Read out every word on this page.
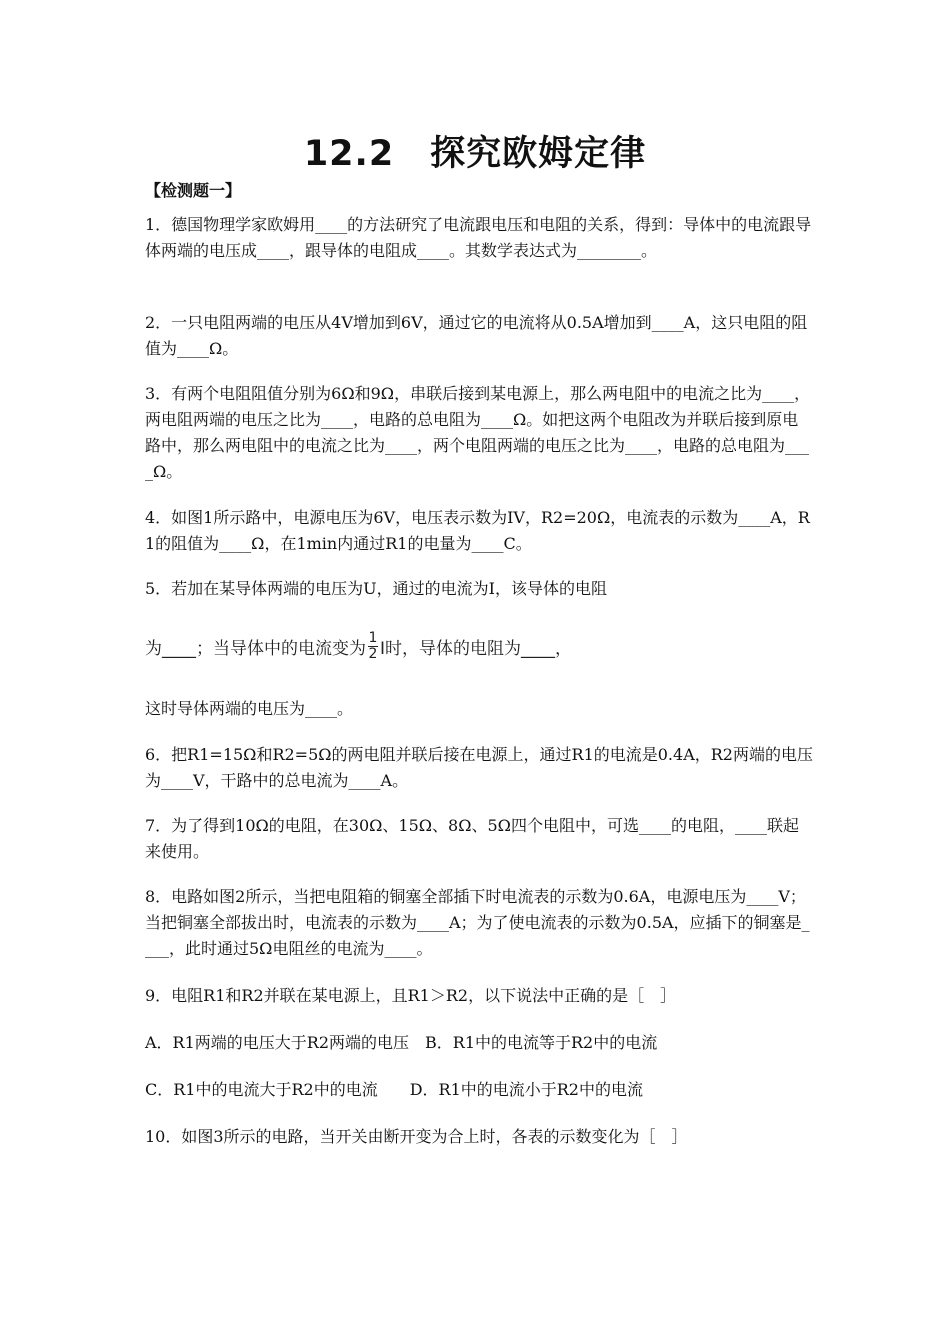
12.2　探究欧姆定律

【检测题一】

1．德国物理学家欧姆用____的方法研究了电流跟电压和电阻的关系，得到：导体中的电流跟导体两端的电压成____，跟导体的电阻成____。其数学表达式为________。

2．一只电阻两端的电压从4V增加到6V，通过它的电流将从0.5A增加到____A，这只电阻的阻值为____Ω。

3．有两个电阻阻值分别为6Ω和9Ω，串联后接到某电源上，那么两电阻中的电流之比为____，两电阻两端的电压之比为____，电路的总电阻为____Ω。如把这两个电阻改为并联后接到原电路中，那么两电阻中的电流之比为____，两个电阻两端的电压之比为____，电路的总电阻为____Ω。

4．如图1所示路中，电源电压为6V，电压表示数为IV，R2=20Ω，电流表的示数为____A，R1的阻值为____Ω，在1min内通过R1的电量为____C。

5．若加在某导体两端的电压为U，通过的电流为I，该导体的电阻

为____；当导体中的电流变为 $\frac{1}{2}$ I时，导体的电阻为____，

这时导体两端的电压为____。

6．把R1=15Ω和R2=5Ω的两电阻并联后接在电源上，通过R1的电流是0.4A，R2两端的电压为____V，干路中的总电流为____A。

7．为了得到10Ω的电阻，在30Ω、15Ω、8Ω、5Ω四个电阻中，可选____的电阻，____联起来使用。

8．电路如图2所示，当把电阻箱的铜塞全部插下时电流表的示数为0.6A，电源电压为____V；当把铜塞全部拔出时，电流表的示数为____A；为了使电流表的示数为0.5A，应插下的铜塞是____，此时通过5Ω电阻丝的电流为____。

9．电阻R1和R2并联在某电源上，且R1＞R2，以下说法中正确的是［　］

A．R1两端的电压大于R2两端的电压　B．R1中的电流等于R2中的电流

C．R1中的电流大于R2中的电流　　D．R1中的电流小于R2中的电流

10．如图3所示的电路，当开关由断开变为合上时，各表的示数变化为［　］
